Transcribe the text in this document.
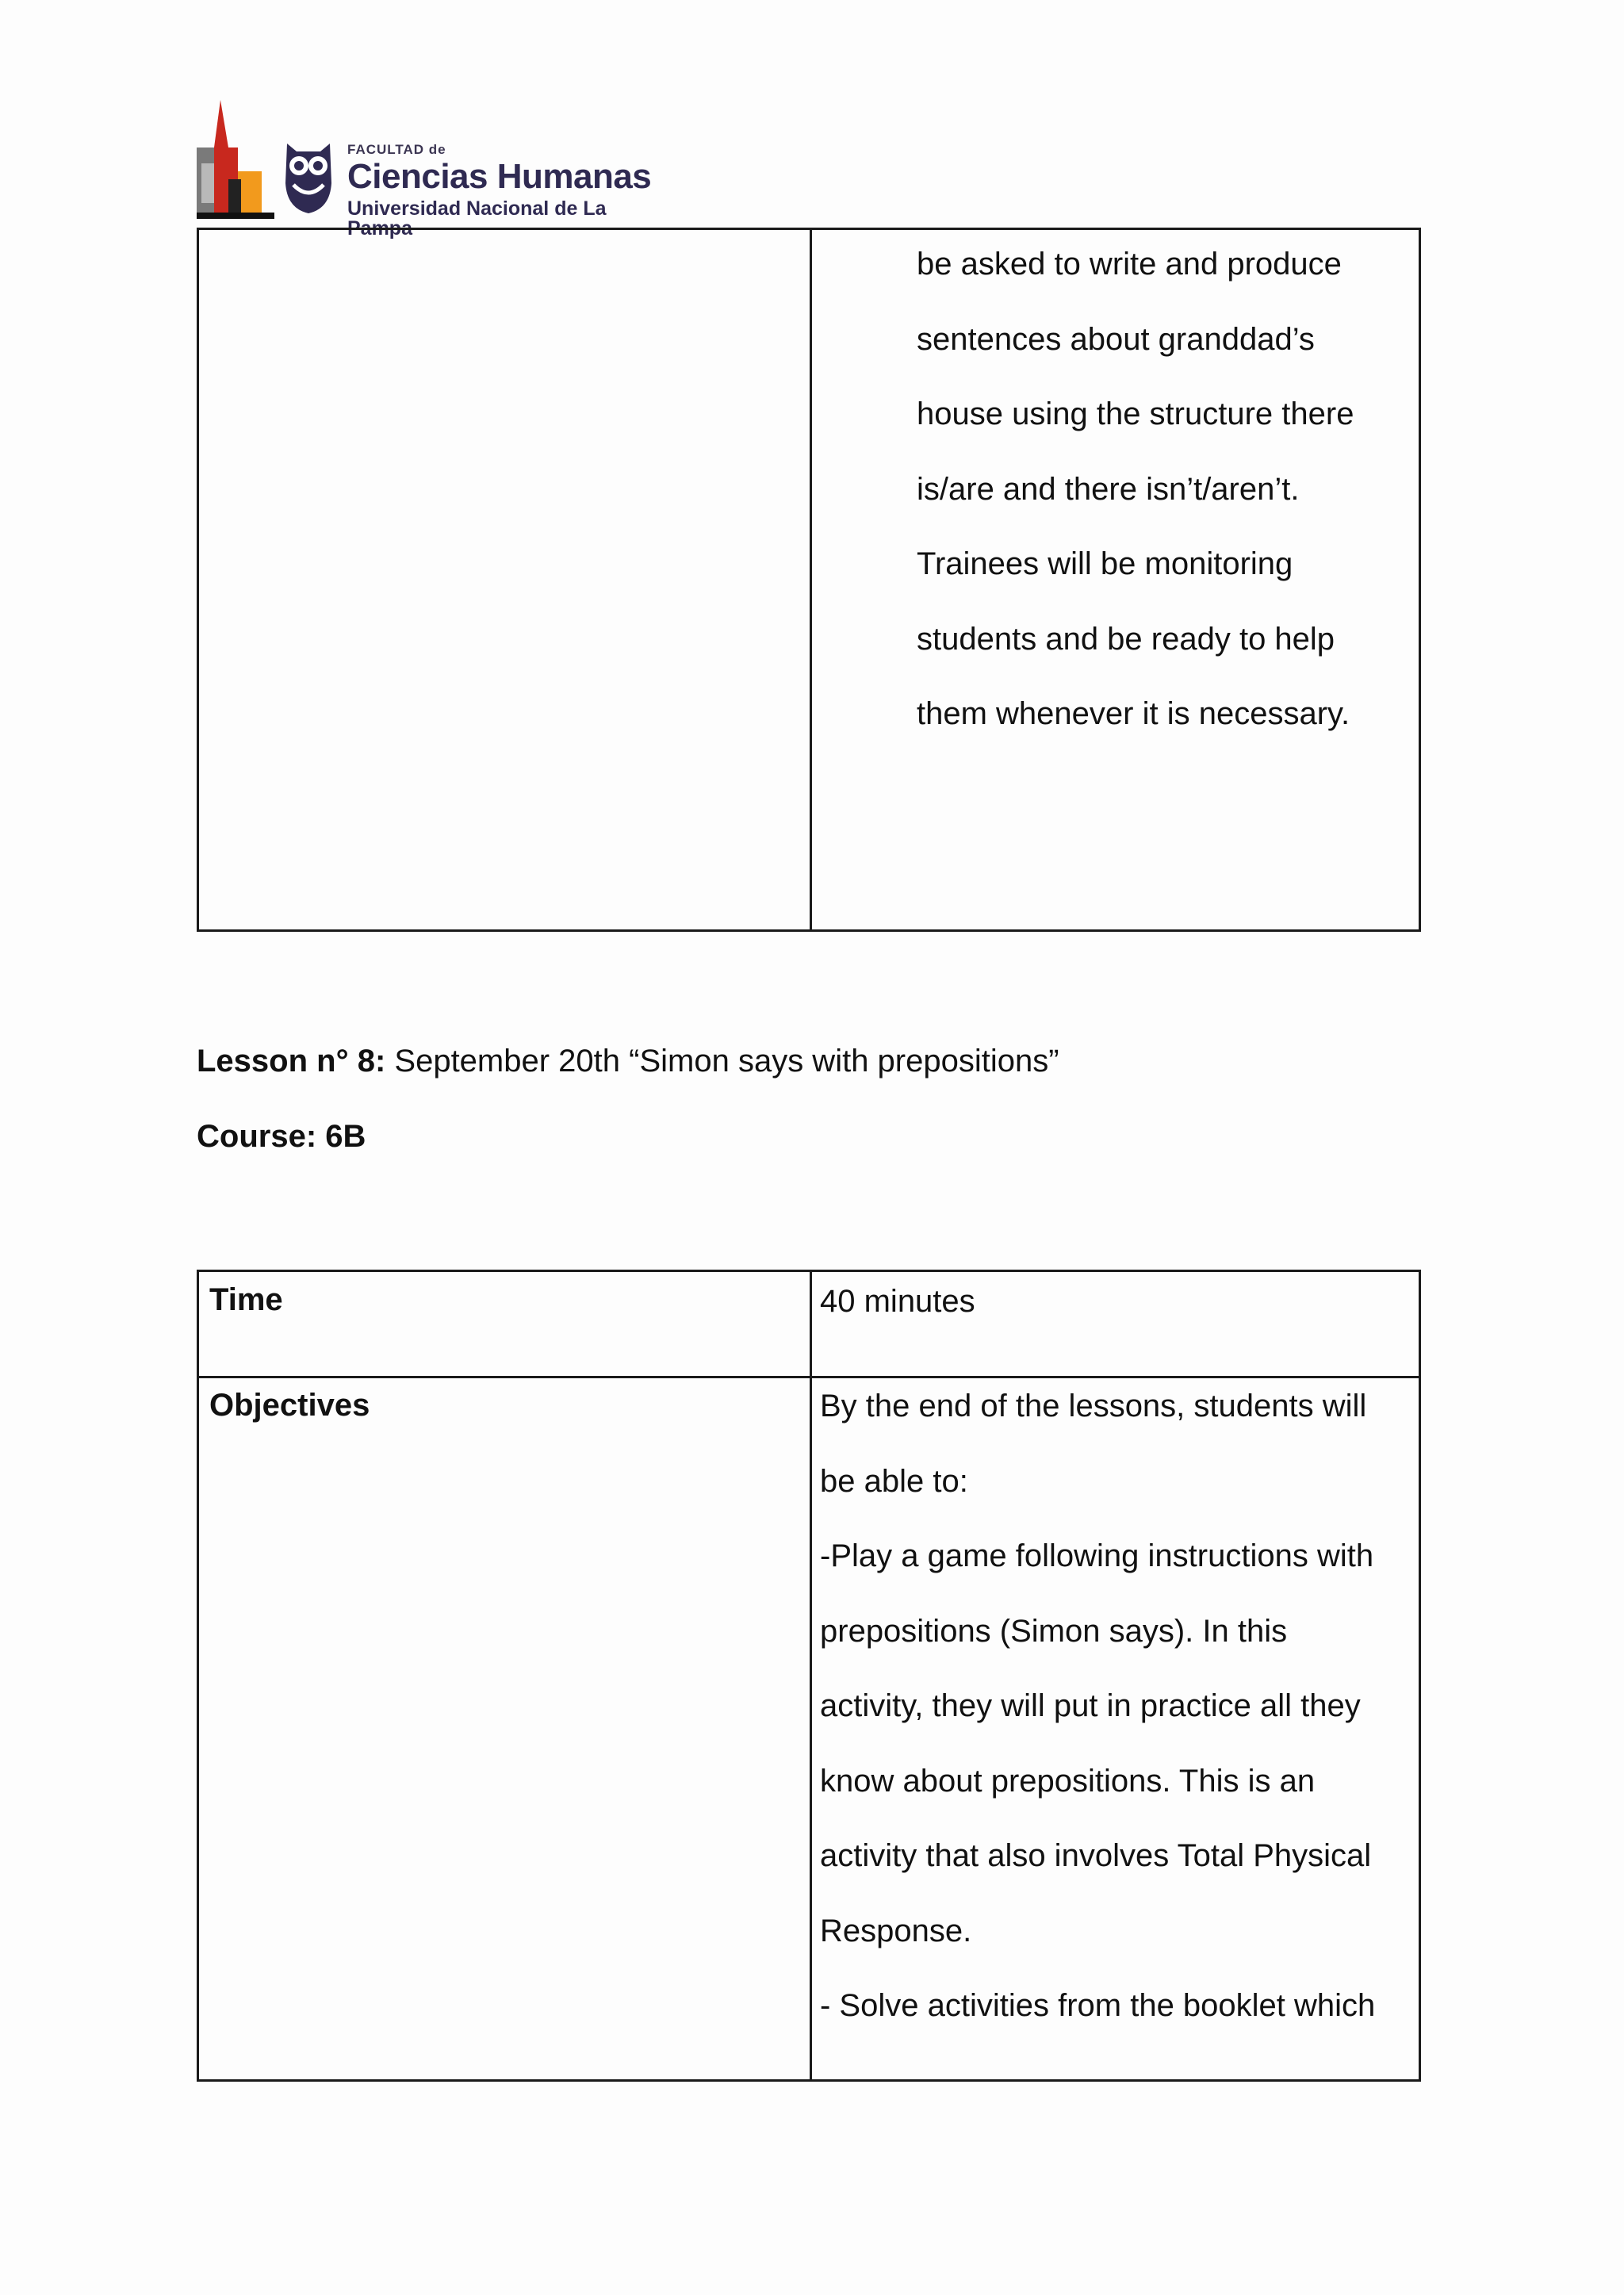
FACULTAD de
Ciencias Humanas
Universidad Nacional de La Pampa
be asked to write and produce
sentences about granddad’s
house using the structure there
is/are and there isn’t/aren’t.
Trainees will be monitoring
students and be ready to help
them whenever it is necessary.
Lesson n° 8: September 20th “Simon says with prepositions”
Course: 6B
Time	40 minutes
Objectives	By the end of the lessons, students will
be able to:
-Play a game following instructions with
prepositions (Simon says). In this
activity, they will put in practice all they
know about prepositions. This is an
activity that also involves Total Physical
Response.
- Solve activities from the booklet which
